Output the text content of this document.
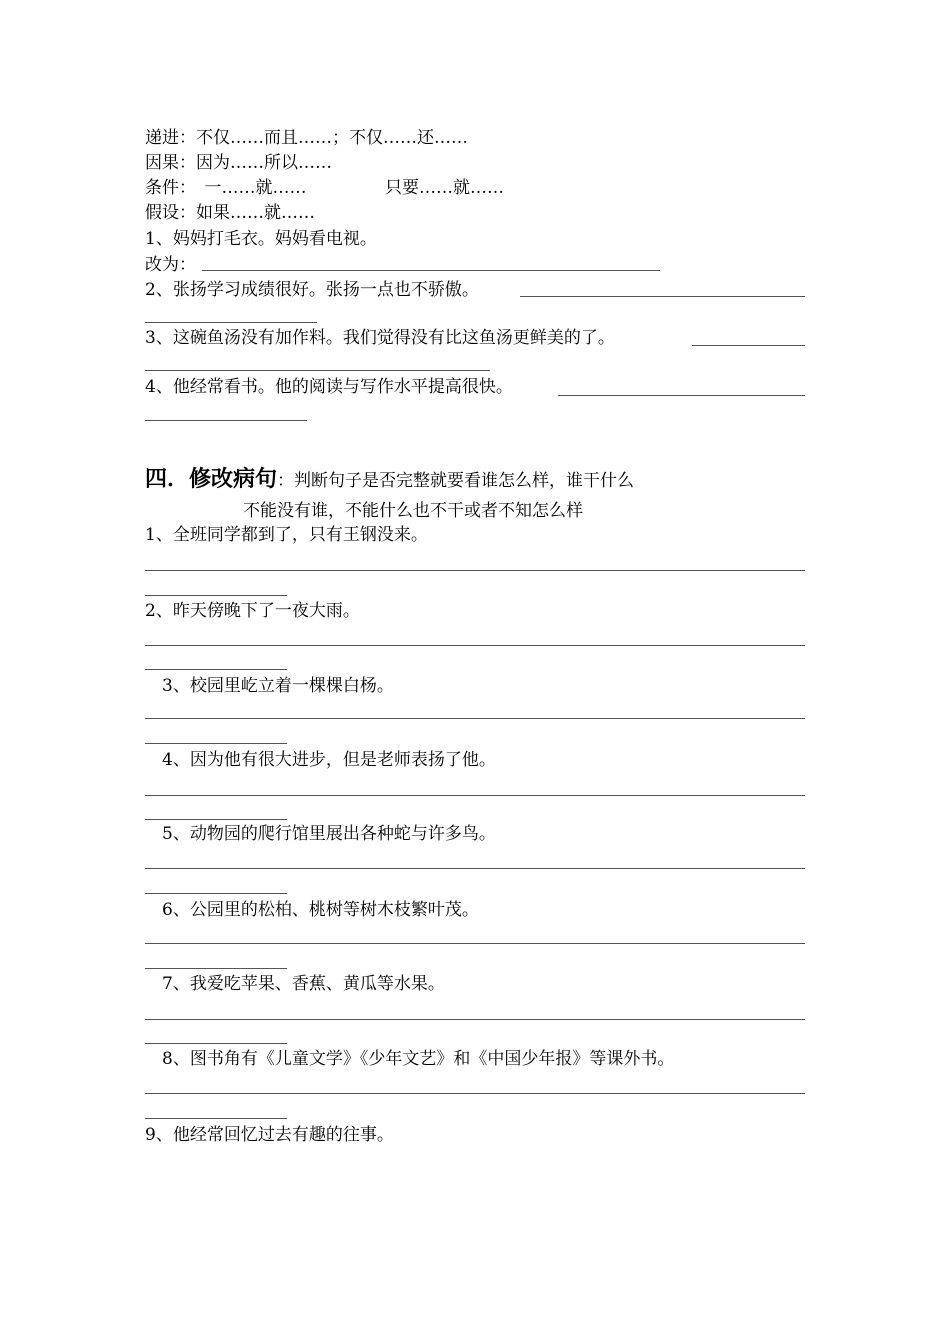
递进：不仅……而且……；不仅……还……
因果：因为……所以……
条件：　一……就……	只要……就……
假设：如果……就……
1、妈妈打毛衣。妈妈看电视。
改为：
2、张扬学习成绩很好。张扬一点也不骄傲。
3、这碗鱼汤没有加作料。我们觉得没有比这鱼汤更鲜美的了。
4、他经常看书。他的阅读与写作水平提高很快。
四．修改病句：判断句子是否完整就要看谁怎么样，谁干什么
不能没有谁，不能什么也不干或者不知怎么样
1、全班同学都到了，只有王钢没来。
2、昨天傍晚下了一夜大雨。
3、校园里屹立着一棵棵白杨。
4、因为他有很大进步，但是老师表扬了他。
5、动物园的爬行馆里展出各种蛇与许多鸟。
6、公园里的松柏、桃树等树木枝繁叶茂。
7、我爱吃苹果、香蕉、黄瓜等水果。
8、图书角有《儿童文学》《少年文艺》和《中国少年报》等课外书。
9、他经常回忆过去有趣的往事。
